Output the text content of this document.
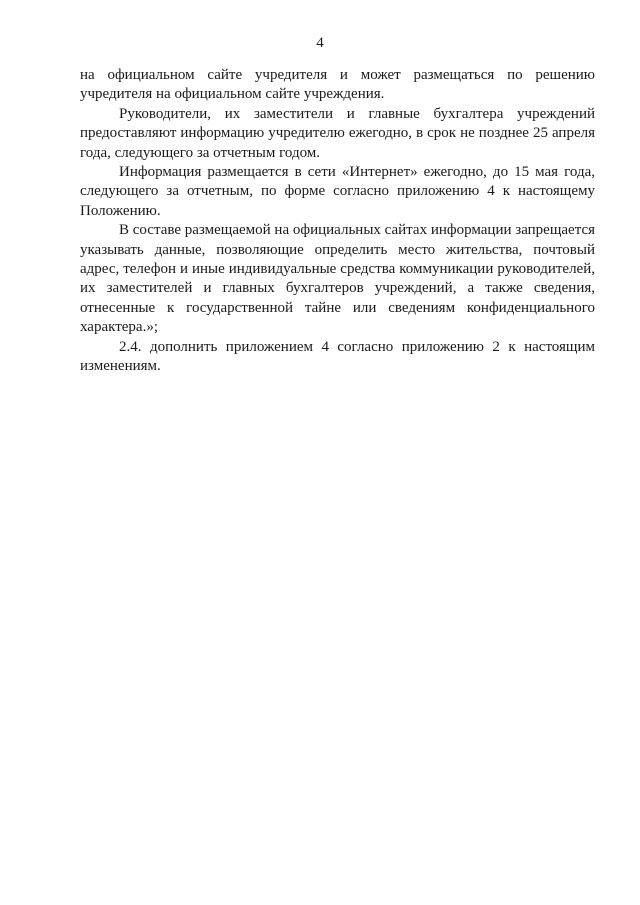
4

на официальном сайте учредителя и может размещаться по решению учредителя на официальном сайте учреждения.

Руководители, их заместители и главные бухгалтера учреждений предоставляют информацию учредителю ежегодно, в срок не позднее 25 апреля года, следующего за отчетным годом.

Информация размещается в сети «Интернет» ежегодно, до 15 мая года, следующего за отчетным, по форме согласно приложению 4 к настоящему Положению.

В составе размещаемой на официальных сайтах информации запрещается указывать данные, позволяющие определить место жительства, почтовый адрес, телефон и иные индивидуальные средства коммуникации руководителей, их заместителей и главных бухгалтеров учреждений, а также сведения, отнесенные к государственной тайне или сведениям конфиденциального характера.»;

2.4. дополнить приложением 4 согласно приложению 2 к настоящим изменениям.
